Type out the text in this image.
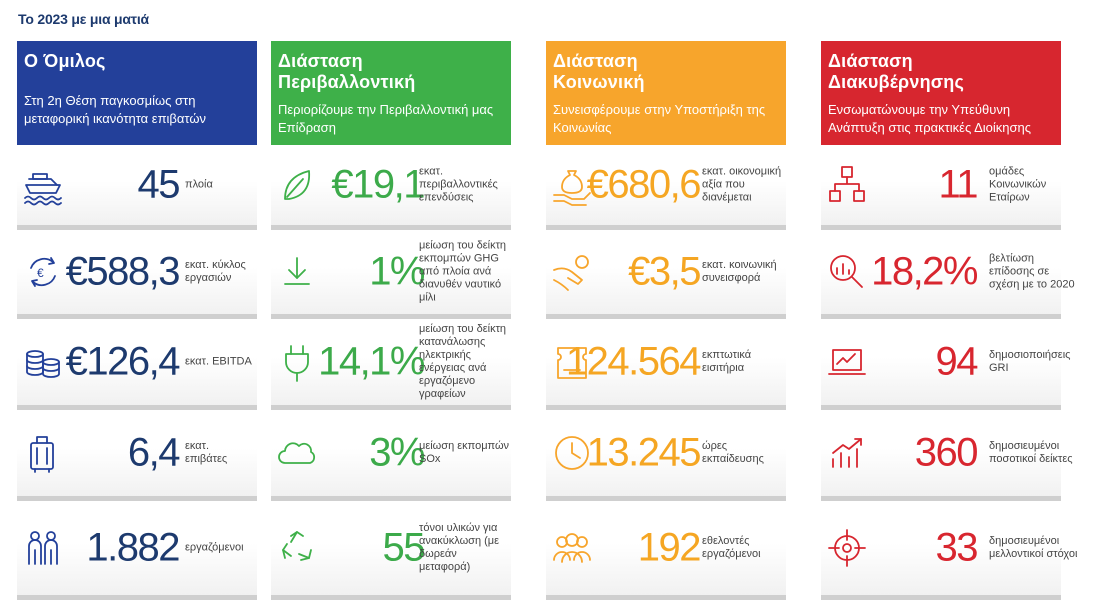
Το 2023 με μια ματιά
Ο Όμιλος
Στη 2η Θέση παγκοσμίως στη μεταφορική ικανότητα επιβατών
45 πλοία
€ €588,3 εκατ. κύκλος εργασιών
€126,4 εκατ. EBITDA
6,4 εκατ. επιβάτες
1.882 εργαζόμενοι
Διάσταση Περιβαλλοντική
Περιορίζουμε την Περιβαλλοντική μας Επίδραση
€19,1
εκατ. περιβαλλοντικές επενδύσεις
1%
μείωση του δείκτη εκπομπών GHG από πλοία ανά διανυθέν ναυτικό μίλι
14,1%
μείωση του δείκτη κατανάλωσης ηλεκτρικής ενέργειας ανά εργαζόμενο γραφείων
3%
μείωση εκπομπών SOx
55
τόνοι υλικών για ανακύκλωση (με δωρεάν μεταφορά)
Διάσταση Κοινωνική
Συνεισφέρουμε στην Υποστήριξη της Κοινωνίας
€680,6 εκατ. οικονομική αξία που διανέμεται
€3,5 εκατ. κοινωνική συνεισφορά
124.564 εκπτωτικά εισιτήρια
13.245 ώρες εκπαίδευσης
192 εθελοντές εργαζόμενοι
Διάσταση Διακυβέρνησης
Ενσωματώνουμε την Υπεύθυνη Ανάπτυξη στις πρακτικές Διοίκησης
11 ομάδες Κοινωνικών Εταίρων
18,2% βελτίωση επίδοσης σε σχέση με το 2020
94 δημοσιοποιήσεις GRI
360 δημοσιευμένοι ποσοτικοί δείκτες
33 δημοσιευμένοι μελλοντικοί στόχοι
